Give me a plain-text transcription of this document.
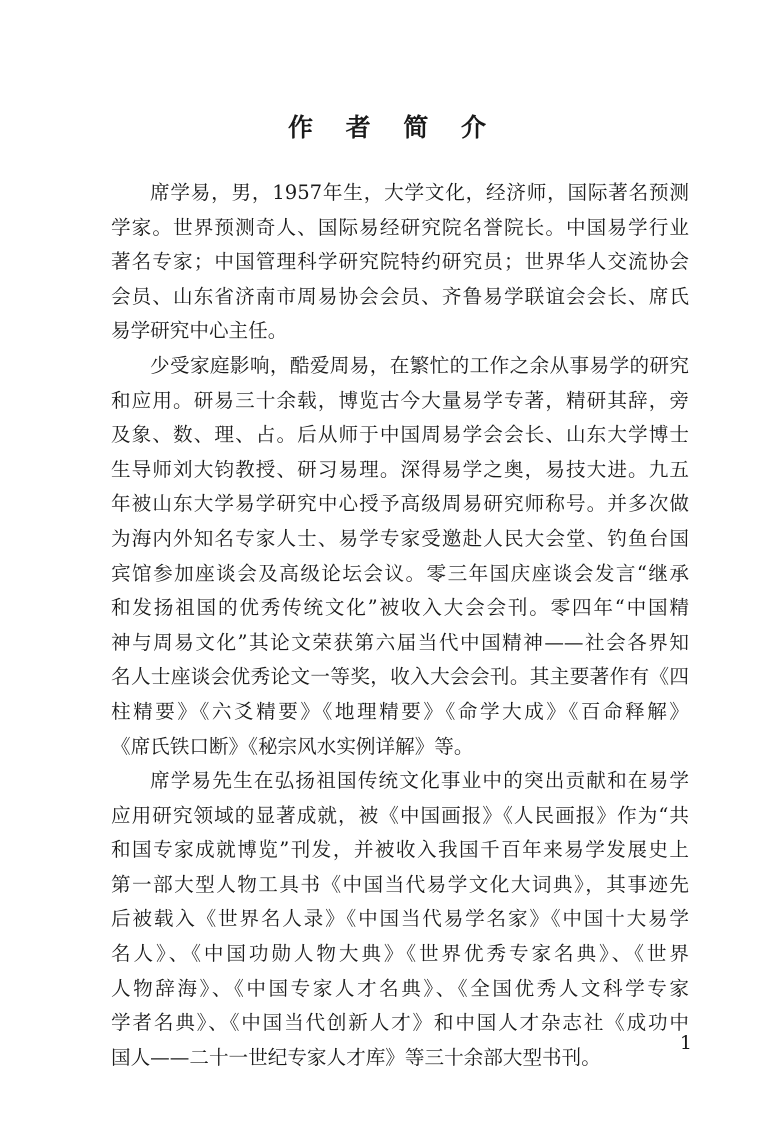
作 者 简 介
席学易，男，1957年生，大学文化，经济师，国际著名预测
学家。世界预测奇人、国际易经研究院名誉院长。中国易学行业
著名专家；中国管理科学研究院特约研究员；世界华人交流协会
会员、山东省济南市周易协会会员、齐鲁易学联谊会会长、席氏
易学研究中心主任。
少受家庭影响，酷爱周易，在繁忙的工作之余从事易学的研究
和应用。研易三十余载，博览古今大量易学专著，精研其辞，旁
及象、数、理、占。后从师于中国周易学会会长、山东大学博士
生导师刘大钧教授、研习易理。深得易学之奥，易技大进。九五
年被山东大学易学研究中心授予高级周易研究师称号。并多次做
为海内外知名专家人士、易学专家受邀赴人民大会堂、钓鱼台国
宾馆参加座谈会及高级论坛会议。零三年国庆座谈会发言“继承
和发扬祖国的优秀传统文化”被收入大会会刊。零四年“中国精
神与周易文化”其论文荣获第六届当代中国精神——社会各界知
名人士座谈会优秀论文一等奖，收入大会会刊。其主要著作有《四
柱精要》《六爻精要》《地理精要》《命学大成》《百命释解》
《席氏铁口断》《秘宗风水实例详解》等。
席学易先生在弘扬祖国传统文化事业中的突出贡献和在易学
应用研究领域的显著成就，被《中国画报》《人民画报》作为“共
和国专家成就博览”刊发，并被收入我国千百年来易学发展史上
第一部大型人物工具书《中国当代易学文化大词典》，其事迹先
后被载入《世界名人录》《中国当代易学名家》《中国十大易学
名人》、《中国功勋人物大典》《世界优秀专家名典》、《世界
人物辞海》、《中国专家人才名典》、《全国优秀人文科学专家
学者名典》、《中国当代创新人才》和中国人才杂志社《成功中
国人——二十一世纪专家人才库》等三十余部大型书刊。
1
